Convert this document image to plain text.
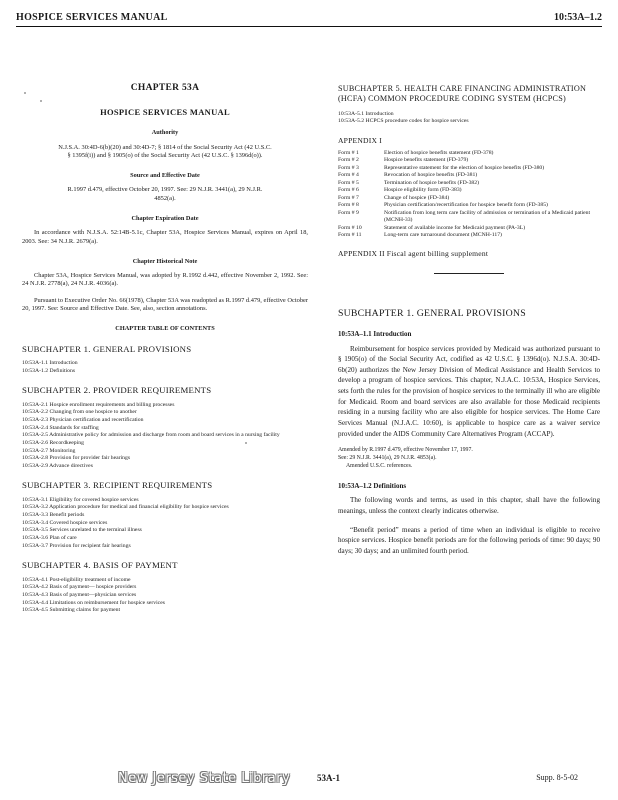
HOSPICE SERVICES MANUAL	10:53A–1.2
CHAPTER 53A
HOSPICE SERVICES MANUAL
Authority

N.J.S.A. 30:4D-6(b)(20) and 30:4D-7; § 1814 of the Social Security Act (42 U.S.C. § 1395f(i)) and § 1905(o) of the Social Security Act (42 U.S.C. § 1396d(o)).

Source and Effective Date

R.1997 d.479, effective October 20, 1997. See: 29 N.J.R. 3441(a), 29 N.J.R. 4852(a).

Chapter Expiration Date

In accordance with N.J.S.A. 52:14B-5.1c, Chapter 53A, Hospice Services Manual, expires on April 18, 2003. See: 34 N.J.R. 2679(a).

Chapter Historical Note

Chapter 53A, Hospice Services Manual, was adopted by R.1992 d.442, effective November 2, 1992. See: 24 N.J.R. 2778(a), 24 N.J.R. 4036(a).

Pursuant to Executive Order No. 66(1978), Chapter 53A was readopted as R.1997 d.479, effective October 20, 1997. See: Source and Effective Date. See, also, section annotations.

CHAPTER TABLE OF CONTENTS
SUBCHAPTER 1. GENERAL PROVISIONS
10:53A-1.1 Introduction
10:53A-1.2 Definitions
SUBCHAPTER 2. PROVIDER REQUIREMENTS
10:53A-2.1 Hospice enrollment requirements and billing processes
10:53A-2.2 Changing from one hospice to another
10:53A-2.3 Physician certification and recertification
10:53A-2.4 Standards for staffing
10:53A-2.5 Administrative policy for admission and discharge from room and board services in a nursing facility
10:53A-2.6 Recordkeeping
10:53A-2.7 Monitoring
10:53A-2.8 Provision for provider fair hearings
10:53A-2.9 Advance directives
SUBCHAPTER 3. RECIPIENT REQUIREMENTS
10:53A-3.1 Eligibility for covered hospice services
10:53A-3.2 Application procedure for medical and financial eligibility for hospice services
10:53A-3.3 Benefit periods
10:53A-3.4 Covered hospice services
10:53A-3.5 Services unrelated to the terminal illness
10:53A-3.6 Plan of care
10:53A-3.7 Provision for recipient fair hearings
SUBCHAPTER 4. BASIS OF PAYMENT
10:53A-4.1 Post-eligibility treatment of income
10:53A-4.2 Basis of payment— hospice providers
10:53A-4.3 Basis of payment—physician services
10:53A-4.4 Limitations on reimbursement for hospice services
10:53A-4.5 Submitting claims for payment
SUBCHAPTER 5. HEALTH CARE FINANCING ADMINISTRATION (HCFA) COMMON PROCEDURE CODING SYSTEM (HCPCS)
10:53A-5.1 Introduction
10:53A-5.2 HCPCS procedure codes for hospice services
APPENDIX I
Form # 1	Election of hospice benefits statement (FD-378)
Form # 2	Hospice benefits statement (FD-379)
Form # 3	Representative statement for the election of hospice benefits (FD-380)
Form # 4	Revocation of hospice benefits (FD-381)
Form # 5	Termination of hospice benefits (FD-382)
Form # 6	Hospice eligibility form (FD-383)
Form # 7	Change of hospice (FD-384)
Form # 8	Physician certification/recertification for hospice benefit form (FD-385)
Form # 9	Notification from long term care facility of admission or termination of a Medicaid patient (MCNH-33)
Form # 10	Statement of available income for Medicaid payment (PA-3L)
Form # 11	Long-term care turnaround document (MCNH-117)
APPENDIX II Fiscal agent billing supplement
SUBCHAPTER 1. GENERAL PROVISIONS
10:53A–1.1 Introduction

Reimbursement for hospice services provided by Medicaid was authorized pursuant to § 1905(o) of the Social Security Act, codified as 42 U.S.C. § 1396d(o). N.J.S.A. 30:4D-6b(20) authorizes the New Jersey Division of Medical Assistance and Health Services to develop a program of hospice services. This chapter, N.J.A.C. 10:53A, Hospice Services, sets forth the rules for the provision of hospice services to the terminally ill who are eligible for Medicaid. Room and board services are also available for those Medicaid recipients residing in a nursing facility who are also eligible for hospice services. The Home Care Services Manual (N.J.A.C. 10:60), is applicable to hospice care as a waiver service provided under the AIDS Community Care Alternatives Program (ACCAP).

Amended by R.1997 d.479, effective November 17, 1997.
See: 29 N.J.R. 3441(a), 29 N.J.R. 4853(a).
Amended U.S.C. references.
10:53A–1.2 Definitions

The following words and terms, as used in this chapter, shall have the following meanings, unless the context clearly indicates otherwise.

“Benefit period” means a period of time when an individual is eligible to receive hospice services. Hospice benefit periods are for the following periods of time: 90 days; 90 days; 30 days; and an unlimited fourth period.

New Jersey State Library	53A-1	Supp. 8-5-02
